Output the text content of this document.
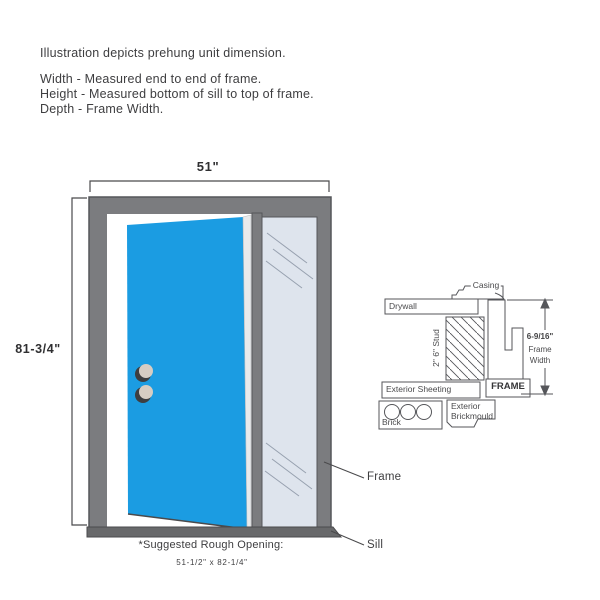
Illustration depicts prehung unit dimension.
Width - Measured end to end of frame.
Height - Measured bottom of sill to top of frame.
Depth - Frame Width.
51"
81-3/4"
Frame
Sill
*Suggested Rough Opening:
51-1/2" x 82-1/4"
Casing
Drywall
2" 6" Stud
Exterior Sheeting
Brick
Exterior
Brickmould
FRAME
6-9/16"
Frame
Width
